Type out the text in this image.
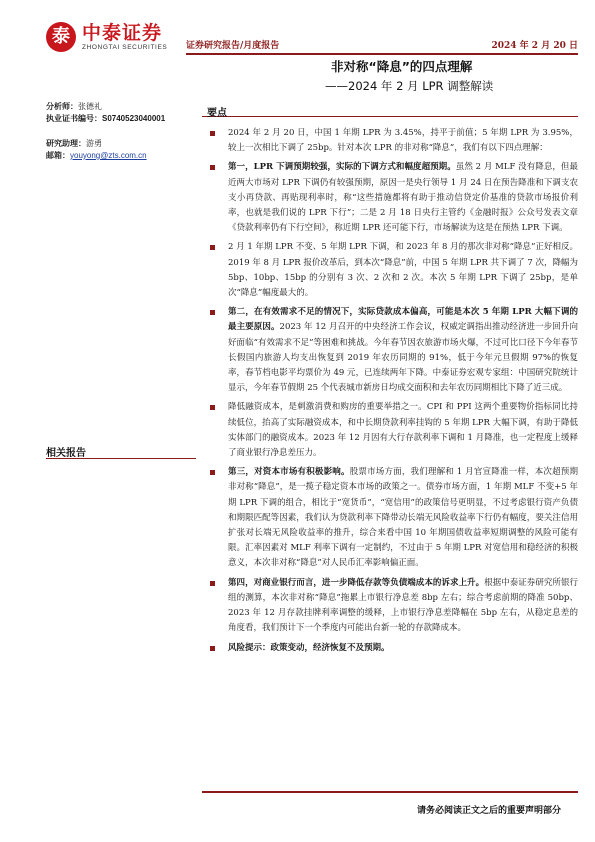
泰 中泰证券
ZHONGTAI SECURITIES 证券研究报告/月度报告	2024 年 2 月 20 日
非对称“降息”的四点理解
——2024 年 2 月 LPR 调整解读
分析师：张德礼
执业证书编号：S0740523040001
研究助理：游勇
邮箱：youyong@zts.com.cn
相关报告
要点
2024 年 2 月 20 日，中国 1 年期 LPR 为 3.45%，持平于前值；5 年期 LPR 为 3.95%，较上一次相比下调了 25bp。针对本次 LPR 的非对称“降息”，我们有以下四点理解：
第一，LPR 下调预期较强，实际的下调方式和幅度超预期。虽然 2 月 MLF 没有降息，但最近两大市场对 LPR 下调仍有较强预期，原因一是央行领导 1 月 24 日在预告降准和下调支农支小再贷款、再贴现利率时，称“这些措施都将有助于推动信贷定价基准的贷款市场报价利率，也就是我们说的 LPR 下行”；二是 2 月 18 日央行主管约《金融时报》公众号发表文章《贷款利率仍有下行空间》，称近期 LPR 还可能下行，市场解读为这是在预热 LPR 下调。
2 月 1 年期 LPR 不变、5 年期 LPR 下调，和 2023 年 8 月的那次非对称“降息”正好相反。2019 年 8 月 LPR 报价改革后，到本次“降息”前，中国 5 年期 LPR 共下调了 7 次，降幅为 5bp、10bp、15bp 的分别有 3 次、2 次和 2 次。本次 5 年期 LPR 下调了 25bp，是单次“降息”幅度最大的。
第二，在有效需求不足的情况下，实际贷款成本偏高，可能是本次 5 年期 LPR 大幅下调的最主要原因。2023 年 12 月召开的中央经济工作会议，权威定调指出推动经济进一步回升向好面临“有效需求不足”等困难和挑战。今年春节因农旅游市场火爆，不过可比口径下今年春节长假国内旅游人均支出恢复到 2019 年农历同期的 91%，低于今年元旦假期 97%的恢复率，春节档电影平均票价为 49 元，已连续两年下降。中泰证券宏观专家组：中国研究院统计显示，今年春节假期 25 个代表城市新房日均成交面积和去年农历同期相比下降了近三成。
降低融资成本，是刺激消费和购房的重要举措之一。CPI 和 PPI 这两个重要物价指标同比持续低位，抬高了实际融资成本，和中长期贷款利率挂钩的 5 年期 LPR 大幅下调，有助于降低实体部门的融资成本。2023 年 12 月因有大行存款利率下调和 1 月降准，也一定程度上缓释了商业银行净息差压力。
第三，对资本市场有积极影响。股票市场方面，我们理解和 1 月官宣降准一样，本次超预期非对称“降息”，是一揽子稳定资本市场的政策之一。债券市场方面，1 年期 MLF 不变+5 年期 LPR 下调的组合，相比于“宽货币”，“宽信用”的政策信号更明显，不过考虑银行资产负债和期限匹配等因素，我们认为贷款利率下降带动长端无风险收益率下行仍有幅度，要关注信用扩张对长端无风险收益率的推升，综合来看中国 10 年期国债收益率短期调整的风险可能有限。汇率因素对 MLF 利率下调有一定制约，不过由于 5 年期 LPR 对宽信用和稳经济的积极意义，本次非对称“降息”对人民币汇率影响偏正面。
第四，对商业银行而言，进一步降低存款等负债端成本的诉求上升。根据中泰证券研究所银行组的测算，本次非对称“降息”拖累上市银行净息差 8bp 左右；综合考虑前期的降准 50bp、2023 年 12 月存款挂牌利率调整的缓释，上市银行净息差降幅在 5bp 左右，从稳定息差的角度看，我们预计下一个季度内可能出台新一轮的存款降成本。
风险提示：政策变动，经济恢复不及预期。
请务必阅读正文之后的重要声明部分
